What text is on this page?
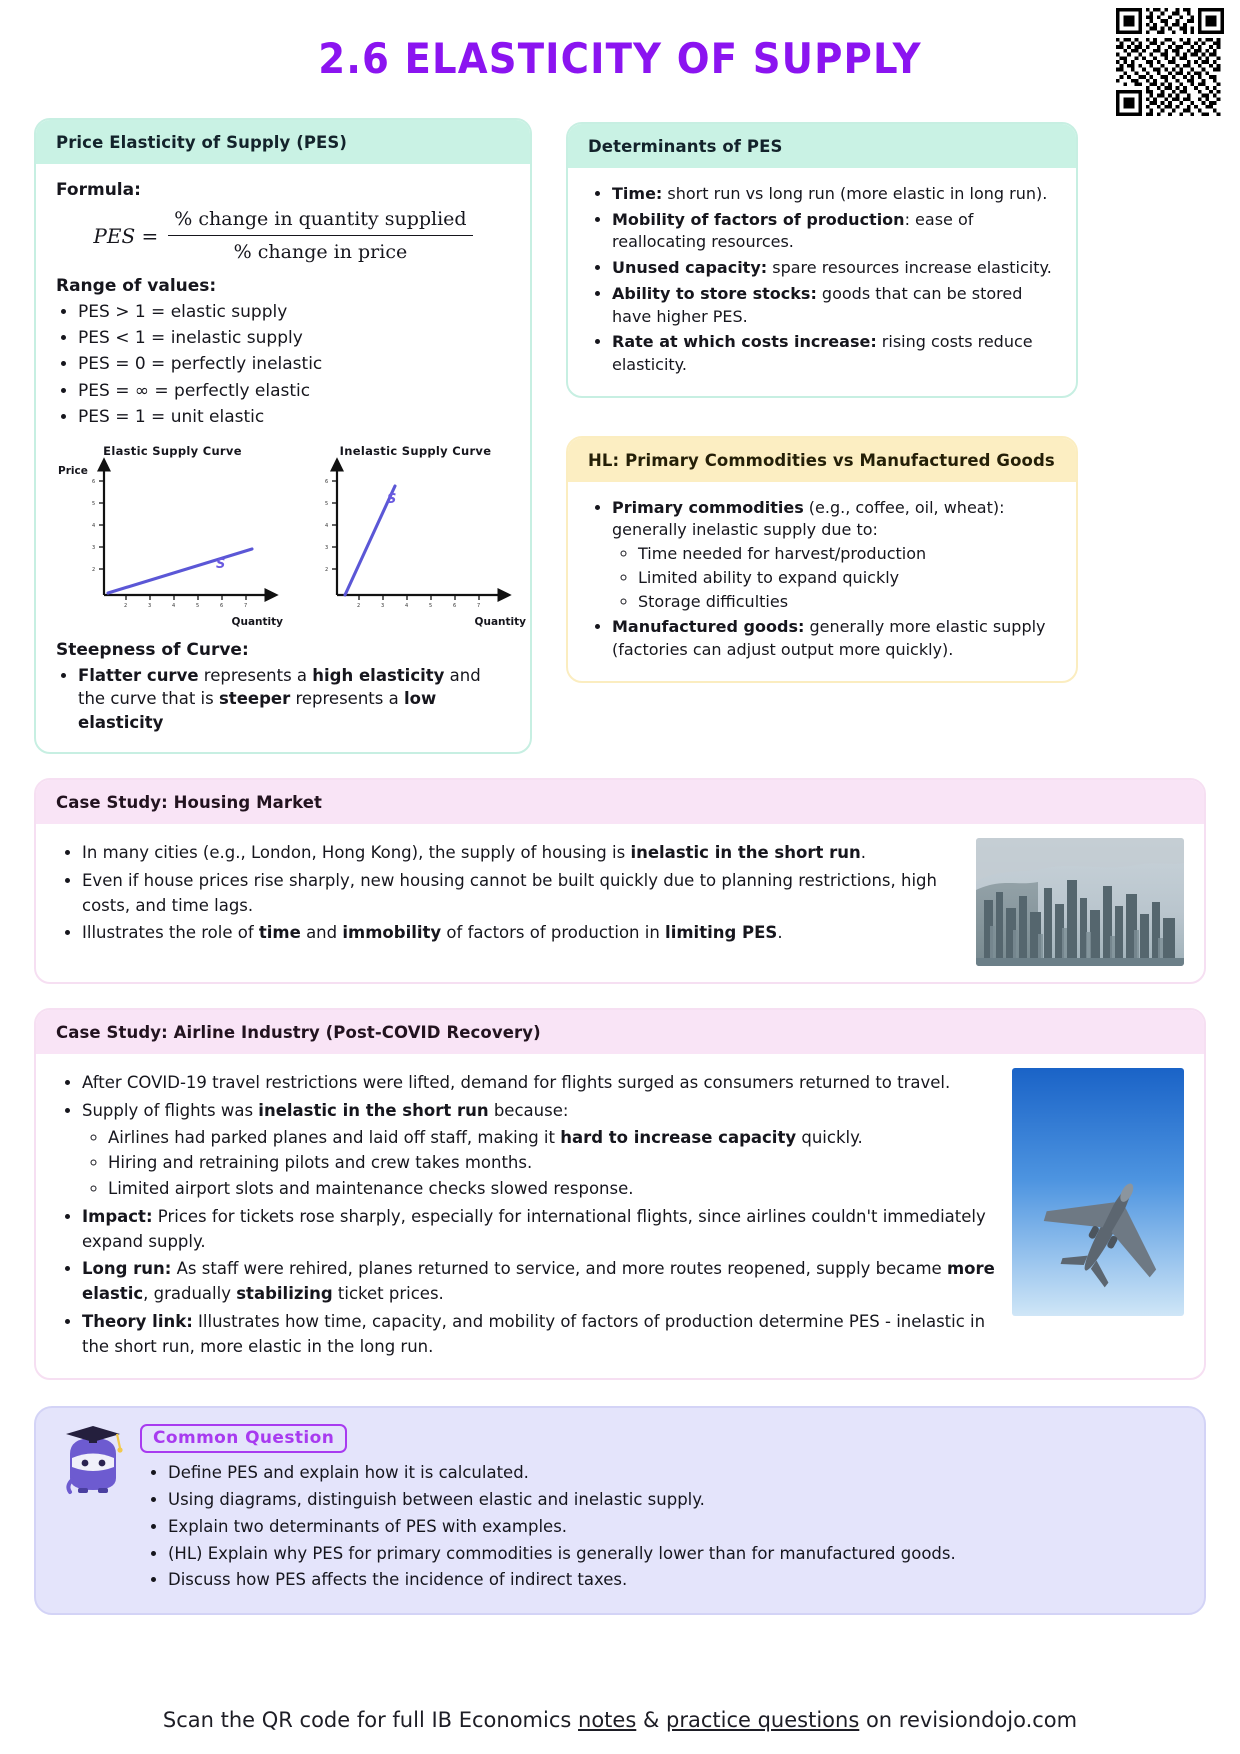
2.6 ELASTICITY OF SUPPLY
Price Elasticity of Supply (PES)
Formula:
PES = $\frac{\text{\% change in quantity supplied}}{\text{\% change in price}}$
Range of values:
• PES > 1 = elastic supply
• PES < 1 = inelastic supply
• PES = 0 = perfectly inelastic
• PES = ∞ = perfectly elastic
• PES = 1 = unit elastic
Elastic Supply Curve
Price
Quantity
S
6
5
4
3
2
2	3	4	5	6	7
Inelastic Supply Curve
Quantity
S
6
5
4
3
2
2	3	4	5	6	7
Steepness of Curve:
• Flatter curve represents a high elasticity and the curve that is steeper represents a low elasticity
Determinants of PES
• Time: short run vs long run (more elastic in long run).
• Mobility of factors of production: ease of reallocating resources.
• Unused capacity: spare resources increase elasticity.
• Ability to store stocks: goods that can be stored have higher PES.
• Rate at which costs increase: rising costs reduce elasticity.
HL: Primary Commodities vs Manufactured Goods
• Primary commodities (e.g., coffee, oil, wheat): generally inelastic supply due to:
◦ Time needed for harvest/production
◦ Limited ability to expand quickly
◦ Storage difficulties
• Manufactured goods: generally more elastic supply (factories can adjust output more quickly).
Case Study: Housing Market
• In many cities (e.g., London, Hong Kong), the supply of housing is inelastic in the short run.
• Even if house prices rise sharply, new housing cannot be built quickly due to planning restrictions, high costs, and time lags.
• Illustrates the role of time and immobility of factors of production in limiting PES.
Case Study: Airline Industry (Post-COVID Recovery)
• After COVID-19 travel restrictions were lifted, demand for flights surged as consumers returned to travel.
• Supply of flights was inelastic in the short run because:
◦ Airlines had parked planes and laid off staff, making it hard to increase capacity quickly.
◦ Hiring and retraining pilots and crew takes months.
◦ Limited airport slots and maintenance checks slowed response.
• Impact: Prices for tickets rose sharply, especially for international flights, since airlines couldn't immediately expand supply.
• Long run: As staff were rehired, planes returned to service, and more routes reopened, supply became more elastic, gradually stabilizing ticket prices.
• Theory link: Illustrates how time, capacity, and mobility of factors of production determine PES - inelastic in the short run, more elastic in the long run.
Common Question
• Define PES and explain how it is calculated.
• Using diagrams, distinguish between elastic and inelastic supply.
• Explain two determinants of PES with examples.
• (HL) Explain why PES for primary commodities is generally lower than for manufactured goods.
• Discuss how PES affects the incidence of indirect taxes.
Scan the QR code for full IB Economics notes & practice questions on revisiondojo.com
